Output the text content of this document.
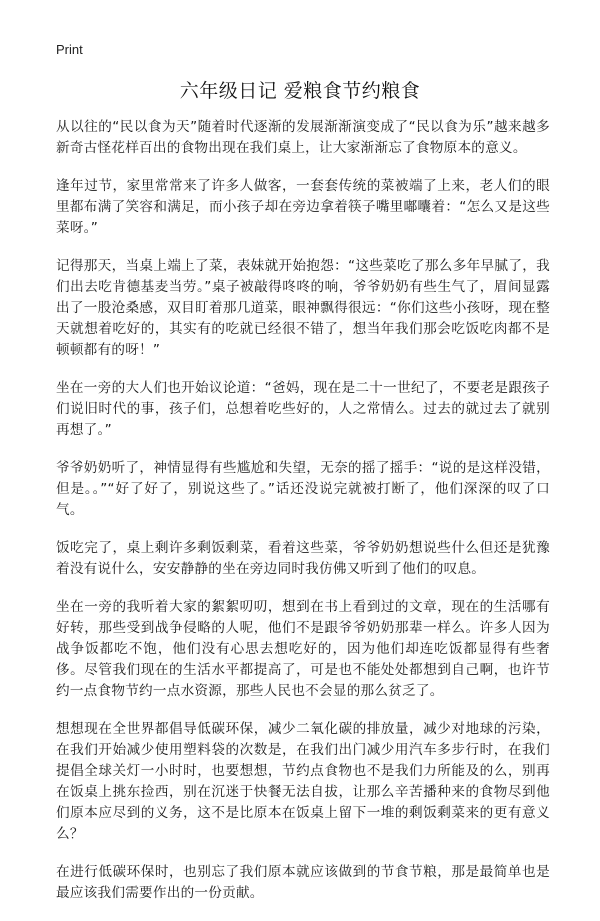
Print
六年级日记 爱粮食节约粮食

从以往的“民以食为天”随着时代逐渐的发展渐渐演变成了“民以食为乐”越来越多新奇古怪花样百出的食物出现在我们桌上，让大家渐渐忘了食物原本的意义。

逢年过节，家里常常来了许多人做客，一套套传统的菜被端了上来，老人们的眼里都布满了笑容和满足，而小孩子却在旁边拿着筷子嘴里嘟囔着：“怎么又是这些菜呀。”

记得那天，当桌上端上了菜，表妹就开始抱怨：“这些菜吃了那么多年早腻了，我们出去吃肯德基麦当劳。”桌子被敲得咚咚的响，爷爷奶奶有些生气了，眉间显露出了一股沧桑感，双目盯着那几道菜，眼神飘得很远：“你们这些小孩呀，现在整天就想着吃好的，其实有的吃就已经很不错了，想当年我们那会吃饭吃肉都不是顿顿都有的呀！”

坐在一旁的大人们也开始议论道：“爸妈，现在是二十一世纪了，不要老是跟孩子们说旧时代的事，孩子们，总想着吃些好的，人之常情么。过去的就过去了就别再想了。”

爷爷奶奶听了，神情显得有些尴尬和失望，无奈的摇了摇手：“说的是这样没错，但是。。”“好了好了，别说这些了。”话还没说完就被打断了，他们深深的叹了口气。

饭吃完了，桌上剩许多剩饭剩菜，看着这些菜，爷爷奶奶想说些什么但还是犹豫着没有说什么，安安静静的坐在旁边同时我仿佛又听到了他们的叹息。

坐在一旁的我听着大家的絮絮叨叨，想到在书上看到过的文章，现在的生活哪有好转，那些受到战争侵略的人呢，他们不是跟爷爷奶奶那辈一样么。许多人因为战争饭都吃不饱，他们没有心思去想吃好的，因为他们却连吃饭都显得有些奢侈。尽管我们现在的生活水平都提高了，可是也不能处处都想到自己啊，也许节约一点食物节约一点水资源，那些人民也不会显的那么贫乏了。

想想现在全世界都倡导低碳环保，减少二氧化碳的排放量，减少对地球的污染，在我们开始减少使用塑料袋的次数是，在我们出门减少用汽车多步行时，在我们提倡全球关灯一小时时，也要想想，节约点食物也不是我们力所能及的么，别再在饭桌上挑东捡西，别在沉迷于快餐无法自拔，让那么辛苦播种来的食物尽到他们原本应尽到的义务，这不是比原本在饭桌上留下一堆的剩饭剩菜来的更有意义么？

在进行低碳环保时，也别忘了我们原本就应该做到的节食节粮，那是最简单也是最应该我们需要作出的一份贡献。
